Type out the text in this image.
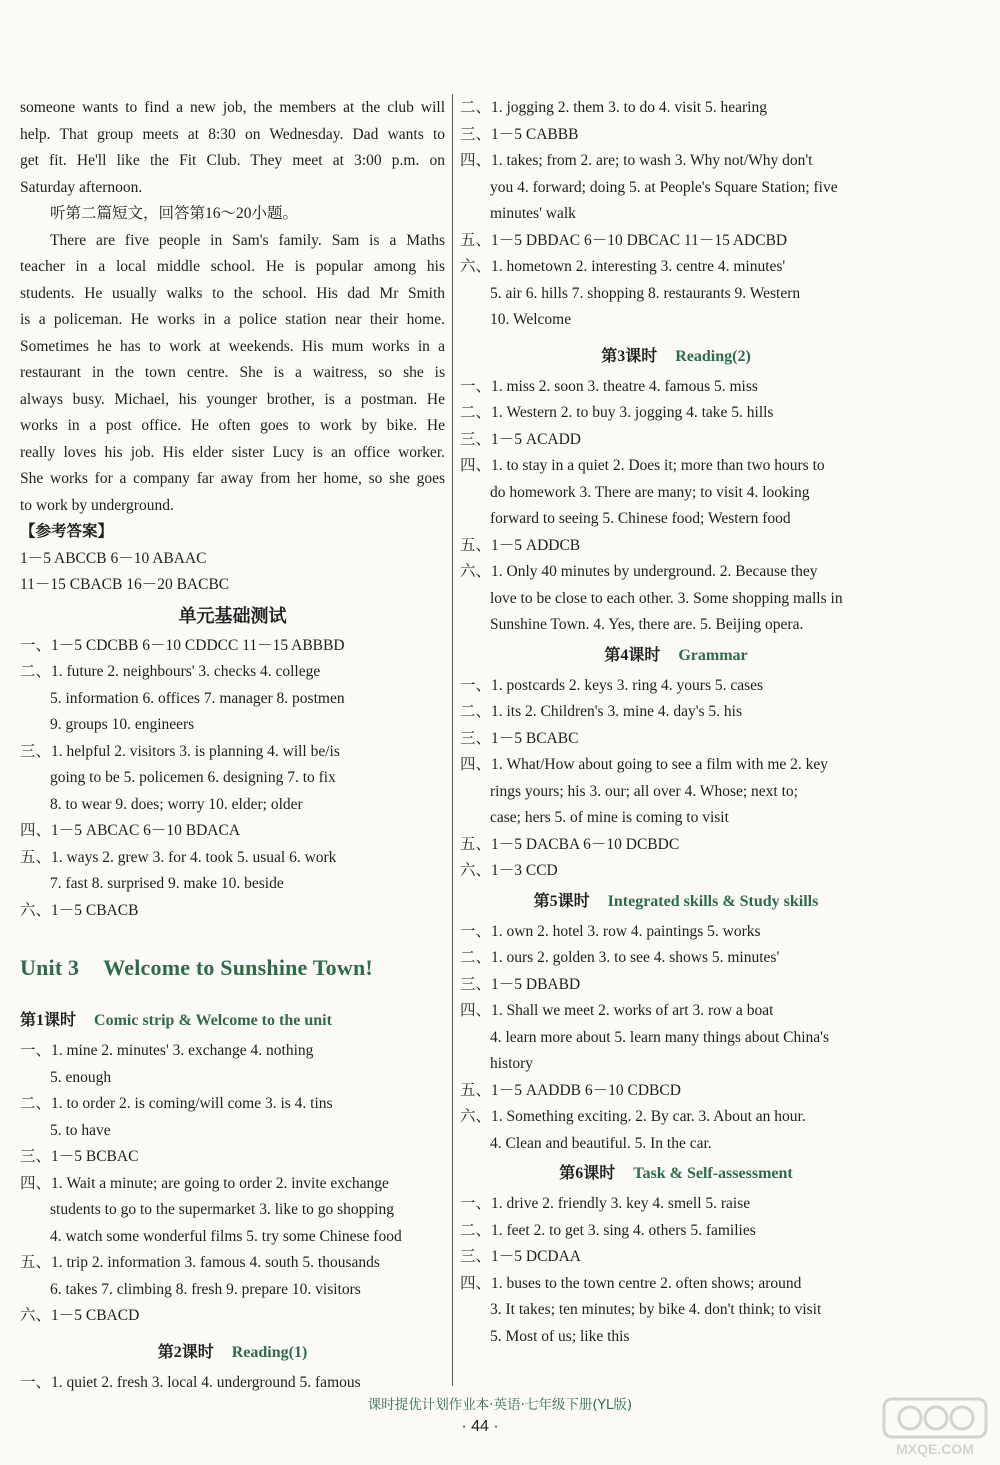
someone wants to find a new job, the members at the club will
help. That group meets at 8:30 on Wednesday. Dad wants to
get fit. He'll like the Fit Club. They meet at 3:00 p.m. on
Saturday afternoon.
听第二篇短文，回答第16～20小题。
There are five people in Sam's family. Sam is a Maths
teacher in a local middle school. He is popular among his
students. He usually walks to the school. His dad Mr Smith
is a policeman. He works in a police station near their home.
Sometimes he has to work at weekends. His mum works in a
restaurant in the town centre. She is a waitress, so she is
always busy. Michael, his younger brother, is a postman. He
works in a post office. He often goes to work by bike. He
really loves his job. His elder sister Lucy is an office worker.
She works for a company far away from her home, so she goes
to work by underground.
【参考答案】
1－5 ABCCB 6－10 ABAAC
11－15 CBACB 16－20 BACBC
单元基础测试
一、1－5 CDCBB 6－10 CDDCC 11－15 ABBBD
二、1. future 2. neighbours' 3. checks 4. college
5. information 6. offices 7. manager 8. postmen
9. groups 10. engineers
三、1. helpful 2. visitors 3. is planning 4. will be/is
going to be 5. policemen 6. designing 7. to fix
8. to wear 9. does; worry 10. elder; older
四、1－5 ABCAC 6－10 BDACA
五、1. ways 2. grew 3. for 4. took 5. usual 6. work
7. fast 8. surprised 9. make 10. beside
六、1－5 CBACB
Unit 3 Welcome to Sunshine Town!
第1课时 Comic strip & Welcome to the unit
一、1. mine 2. minutes' 3. exchange 4. nothing
5. enough
二、1. to order 2. is coming/will come 3. is 4. tins
5. to have
三、1－5 BCBAC
四、1. Wait a minute; are going to order 2. invite exchange
students to go to the supermarket 3. like to go shopping
4. watch some wonderful films 5. try some Chinese food
五、1. trip 2. information 3. famous 4. south 5. thousands
6. takes 7. climbing 8. fresh 9. prepare 10. visitors
六、1－5 CBACD
第2课时 Reading(1)
一、1. quiet 2. fresh 3. local 4. underground 5. famous
二、1. jogging 2. them 3. to do 4. visit 5. hearing
三、1－5 CABBB
四、1. takes; from 2. are; to wash 3. Why not/Why don't
you 4. forward; doing 5. at People's Square Station; five
minutes' walk
五、1－5 DBDAC 6－10 DBCAC 11－15 ADCBD
六、1. hometown 2. interesting 3. centre 4. minutes'
5. air 6. hills 7. shopping 8. restaurants 9. Western
10. Welcome
第3课时 Reading(2)
一、1. miss 2. soon 3. theatre 4. famous 5. miss
二、1. Western 2. to buy 3. jogging 4. take 5. hills
三、1－5 ACADD
四、1. to stay in a quiet 2. Does it; more than two hours to
do homework 3. There are many; to visit 4. looking
forward to seeing 5. Chinese food; Western food
五、1－5 ADDCB
六、1. Only 40 minutes by underground. 2. Because they
love to be close to each other. 3. Some shopping malls in
Sunshine Town. 4. Yes, there are. 5. Beijing opera.
第4课时 Grammar
一、1. postcards 2. keys 3. ring 4. yours 5. cases
二、1. its 2. Children's 3. mine 4. day's 5. his
三、1－5 BCABC
四、1. What/How about going to see a film with me 2. key
rings yours; his 3. our; all over 4. Whose; next to;
case; hers 5. of mine is coming to visit
五、1－5 DACBA 6－10 DCBDC
六、1－3 CCD
第5课时 Integrated skills & Study skills
一、1. own 2. hotel 3. row 4. paintings 5. works
二、1. ours 2. golden 3. to see 4. shows 5. minutes'
三、1－5 DBABD
四、1. Shall we meet 2. works of art 3. row a boat
4. learn more about 5. learn many things about China's
history
五、1－5 AADDB 6－10 CDBCD
六、1. Something exciting. 2. By car. 3. About an hour.
4. Clean and beautiful. 5. In the car.
第6课时 Task & Self-assessment
一、1. drive 2. friendly 3. key 4. smell 5. raise
二、1. feet 2. to get 3. sing 4. others 5. families
三、1－5 DCDAA
四、1. buses to the town centre 2. often shows; around
3. It takes; ten minutes; by bike 4. don't think; to visit
5. Most of us; like this
课时提优计划作业本·英语·七年级下册(YL版)
· 44 ·
MXQE.COM
